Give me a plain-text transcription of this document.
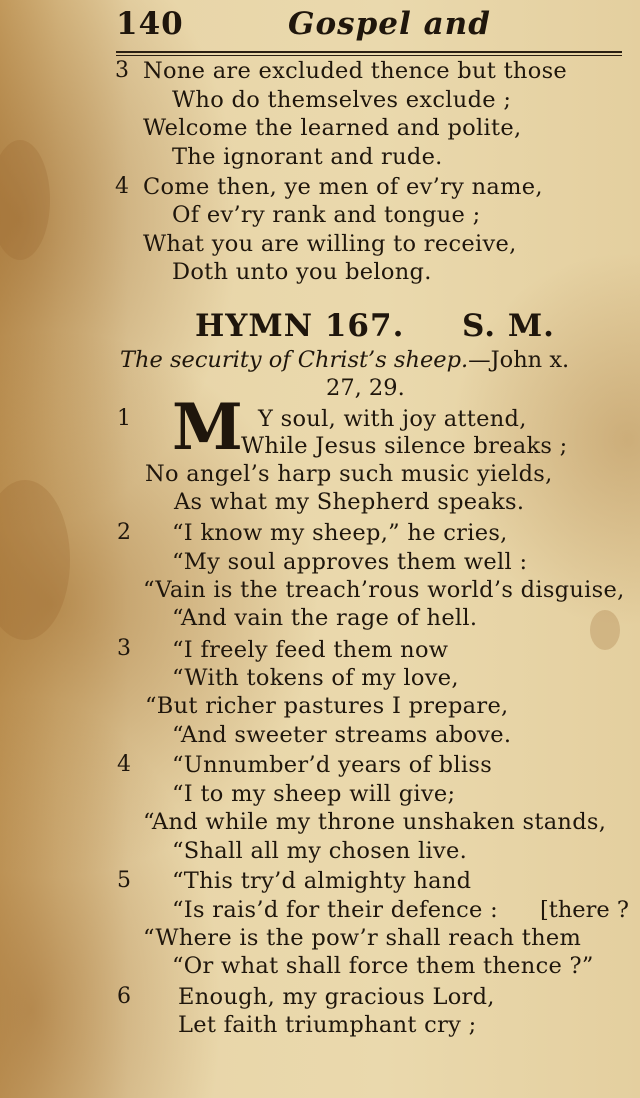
140	Gospel and
3 None are excluded thence but those
Who do themselves exclude ;
Welcome the learned and polite,
The ignorant and rude.
4 Come then, ye men of ev’ry name,
Of ev’ry rank and tongue ;
What you are willing to receive,
Doth unto you belong.
HYMN 167. S. M.
The security of Christ’s sheep.—John x.
27, 29.
1 M Y soul, with joy attend,
While Jesus silence breaks ;
No angel’s harp such music yields,
As what my Shepherd speaks.
2 “I know my sheep,” he cries,
“My soul approves them well :
“Vain is the treach’rous world’s disguise,
“And vain the rage of hell.
3 “I freely feed them now
“With tokens of my love,
“But richer pastures I prepare,
“And sweeter streams above.
4 “Unnumber’d years of bliss
“I to my sheep will give;
“And while my throne unshaken stands,
“Shall all my chosen live.
5 “This try’d almighty hand
“Is rais’d for their defence : [there ?
“Where is the pow’r shall reach them
“Or what shall force them thence ?”
6 Enough, my gracious Lord,
Let faith triumphant cry ;
